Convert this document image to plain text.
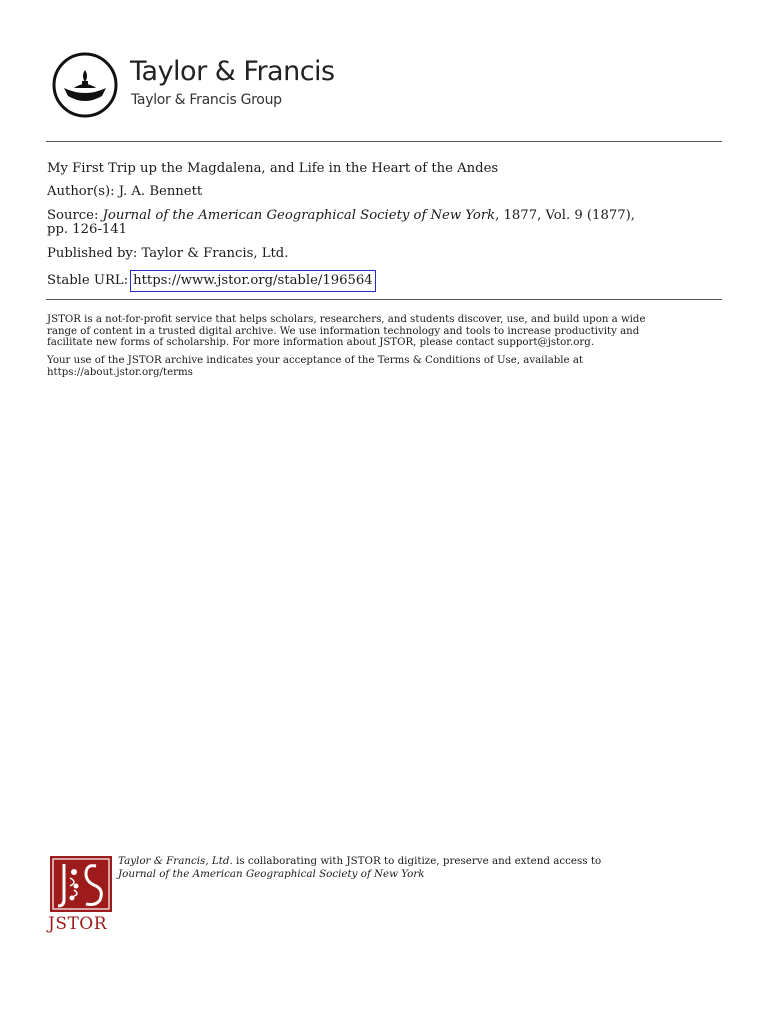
Taylor & Francis
Taylor & Francis Group
My First Trip up the Magdalena, and Life in the Heart of the Andes
Author(s): J. A. Bennett
Source: Journal of the American Geographical Society of New York, 1877, Vol. 9 (1877),
pp. 126-141
Published by: Taylor & Francis, Ltd.
Stable URL: https://www.jstor.org/stable/196564
JSTOR is a not-for-profit service that helps scholars, researchers, and students discover, use, and build upon a wide
range of content in a trusted digital archive. We use information technology and tools to increase productivity and
facilitate new forms of scholarship. For more information about JSTOR, please contact support@jstor.org.
Your use of the JSTOR archive indicates your acceptance of the Terms & Conditions of Use, available at
https://about.jstor.org/terms
JSTOR
Taylor & Francis, Ltd. is collaborating with JSTOR to digitize, preserve and extend access to
Journal of the American Geographical Society of New York
